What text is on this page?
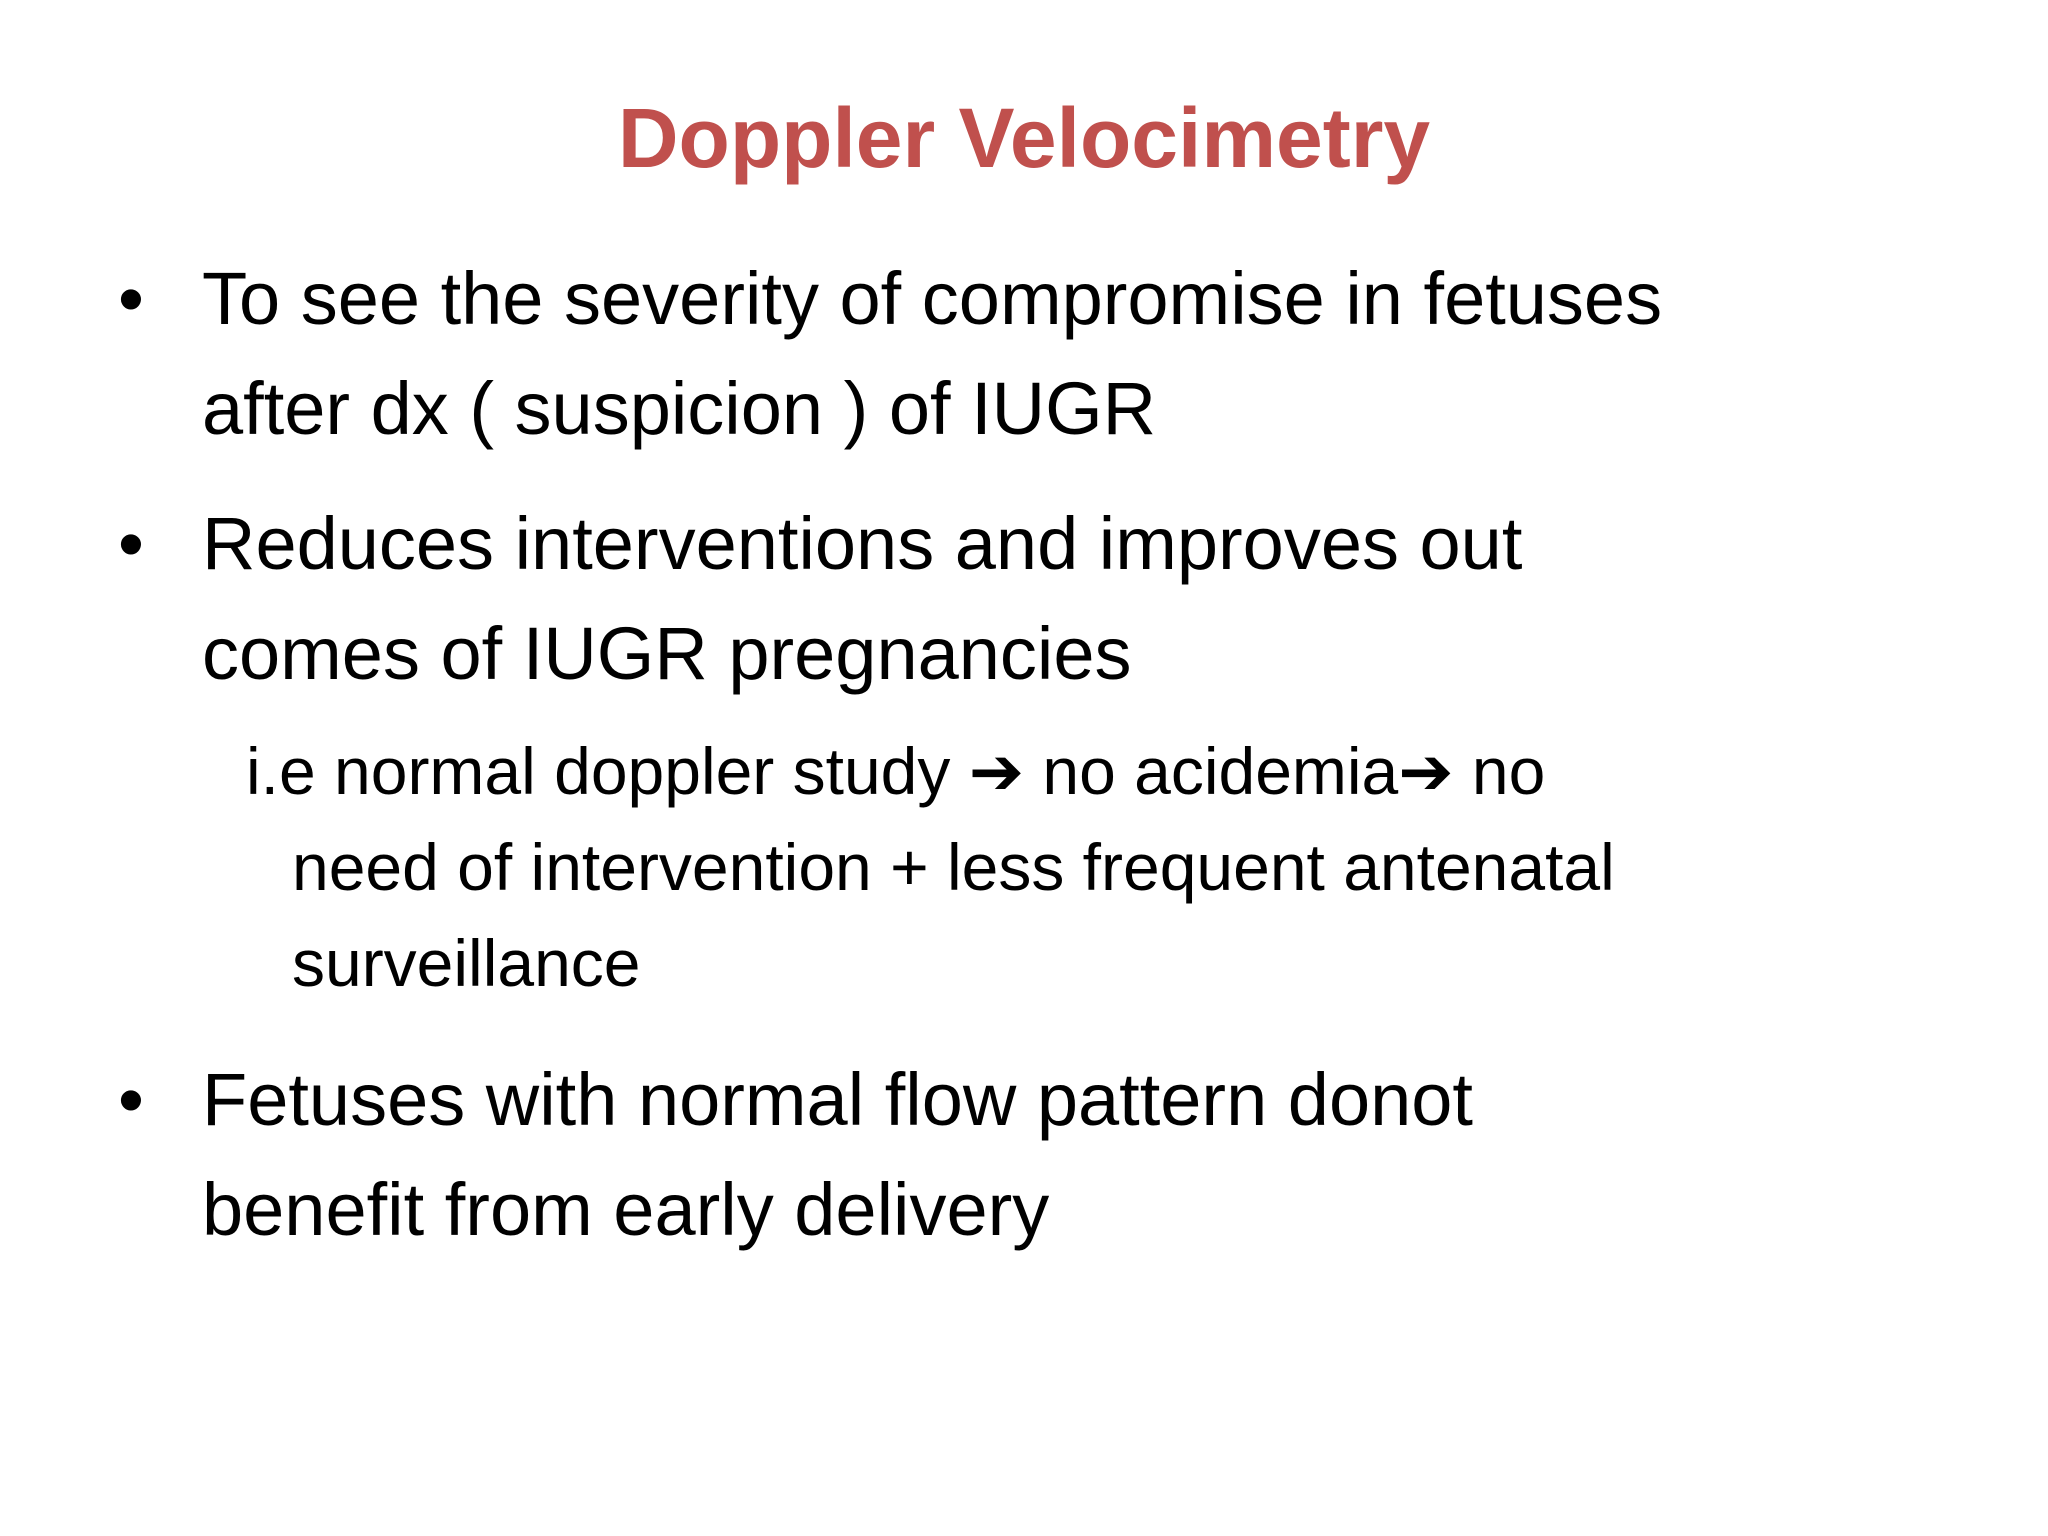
Doppler Velocimetry
• To see the severity of compromise in fetuses
after dx ( suspicion ) of IUGR
• Reduces interventions and improves out
comes of IUGR pregnancies
i.e normal doppler study ➔ no acidemia➔ no
need of intervention + less frequent antenatal
surveillance
• Fetuses with normal flow pattern donot
benefit from early delivery
